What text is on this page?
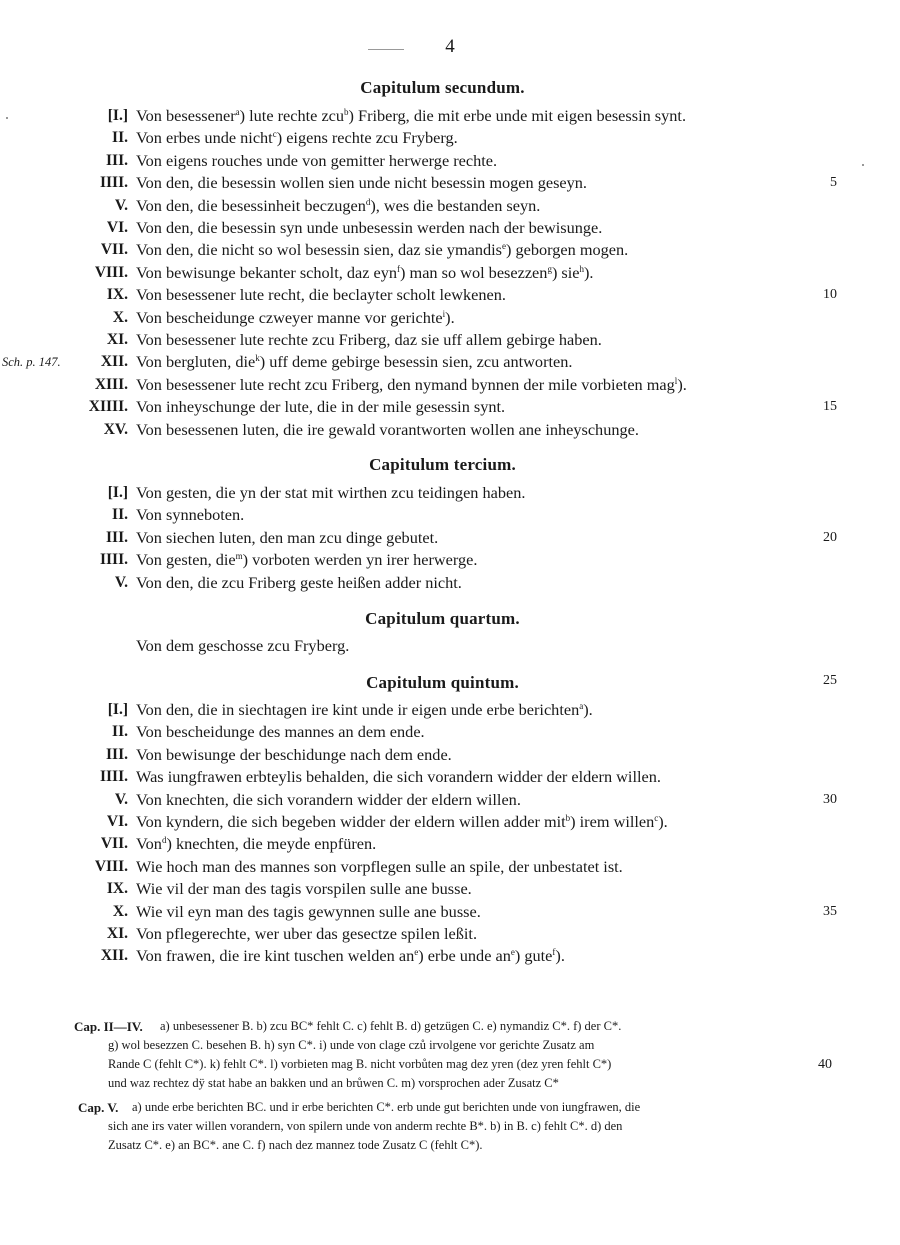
4
Capitulum secundum.
[I.] Von besessener$^a$) lute rechte zcu$^b$) Friberg, die mit erbe unde mit eigen besessin synt.
II. Von erbes unde nicht$^c$) eigens rechte zcu Fryberg.
III. Von eigens rouches unde von gemitter herwerge rechte.
IIII. Von den, die besessin wollen sien unde nicht besessin mogen geseyn.	5
V. Von den, die besessinheit beczugen$^d$), wes die bestanden seyn.
VI. Von den, die besessin syn unde unbesessin werden nach der bewisunge.
VII. Von den, die nicht so wol besessin sien, daz sie ymandis$^e$) geborgen mogen.
VIII. Von bewisunge bekanter scholt, daz eyn$^f$) man so wol besezzen$^g$) sie$^h$).
IX. Von besessener lute recht, die beclayter scholt lewkenen.	10
X. Von bescheidunge czweyer manne vor gerichte$^i$).
XI. Von besessener lute rechte zcu Friberg, daz sie uff allem gebirge haben.
XII. Von bergluten, die$^k$) uff deme gebirge besessin sien, zcu antworten.
Sch. p. 147.
XIII. Von besessener lute recht zcu Friberg, den nymand bynnen der mile vorbieten mag$^l$).
XIIII. Von inheyschunge der lute, die in der mile gesessin synt.	15
XV. Von besessenen luten, die ire gewald vorantworten wollen ane inheyschunge.
Capitulum tercium.
[I.] Von gesten, die yn der stat mit wirthen zcu teidingen haben.
II. Von synneboten.
III. Von siechen luten, den man zcu dinge gebutet.	20
IIII. Von gesten, die$^m$) vorboten werden yn irer herwerge.
V. Von den, die zcu Friberg geste heißen adder nicht.
Capitulum quartum.
Von dem geschosse zcu Fryberg.
Capitulum quintum.	25
[I.] Von den, die in siechtagen ire kint unde ir eigen unde erbe berichten$^a$).
II. Von bescheidunge des mannes an dem ende.
III. Von bewisunge der beschidunge nach dem ende.
IIII. Was iungfrawen erbteylis behalden, die sich vorandern widder der eldern willen.
V. Von knechten, die sich vorandern widder der eldern willen.	30
VI. Von kyndern, die sich begeben widder der eldern willen adder mit$^b$) irem willen$^c$).
VII. Von$^d$) knechten, die meyde enpfüren.
VIII. Wie hoch man des mannes son vorpflegen sulle an spile, der unbestatet ist.
IX. Wie vil der man des tagis vorspilen sulle ane busse.
X. Wie vil eyn man des tagis gewynnen sulle ane busse.	35
XI. Von pflegerechte, wer uber das gesectze spilen leßit.
XII. Von frawen, die ire kint tuschen welden $an^e$) erbe unde $an^e$) gute$^f$).
Cap. II—IV. a) unbesessener B. b) zcu BC* fehlt C. c) fehlt B. d) getzügen C. e) nymandiz C*. f) der C*.
g) wol besezzen C. besehen B. h) syn C*. i) unde von clage czů irvolgene vor gerichte Zusatz am
Rande C (fehlt C*). k) fehlt C*. l) vorbieten mag B. nicht vorbůten mag dez yren (dez yren fehlt C*)
und waz rechtez dÿ stat habe an bakken und an brůwen C. m) vorsprochen ader Zusatz C*
40
Cap. V. a) unde erbe berichten BC. und ir erbe berichten C*. erb unde gut berichten unde von iungfrawen, die
sich ane irs vater willen vorandern, von spilern unde von anderm rechte B*. b) in B. c) fehlt C*. d) den
Zusatz C*. e) an BC*. ane C. f) nach dez mannez tode Zusatz C (fehlt C*).
